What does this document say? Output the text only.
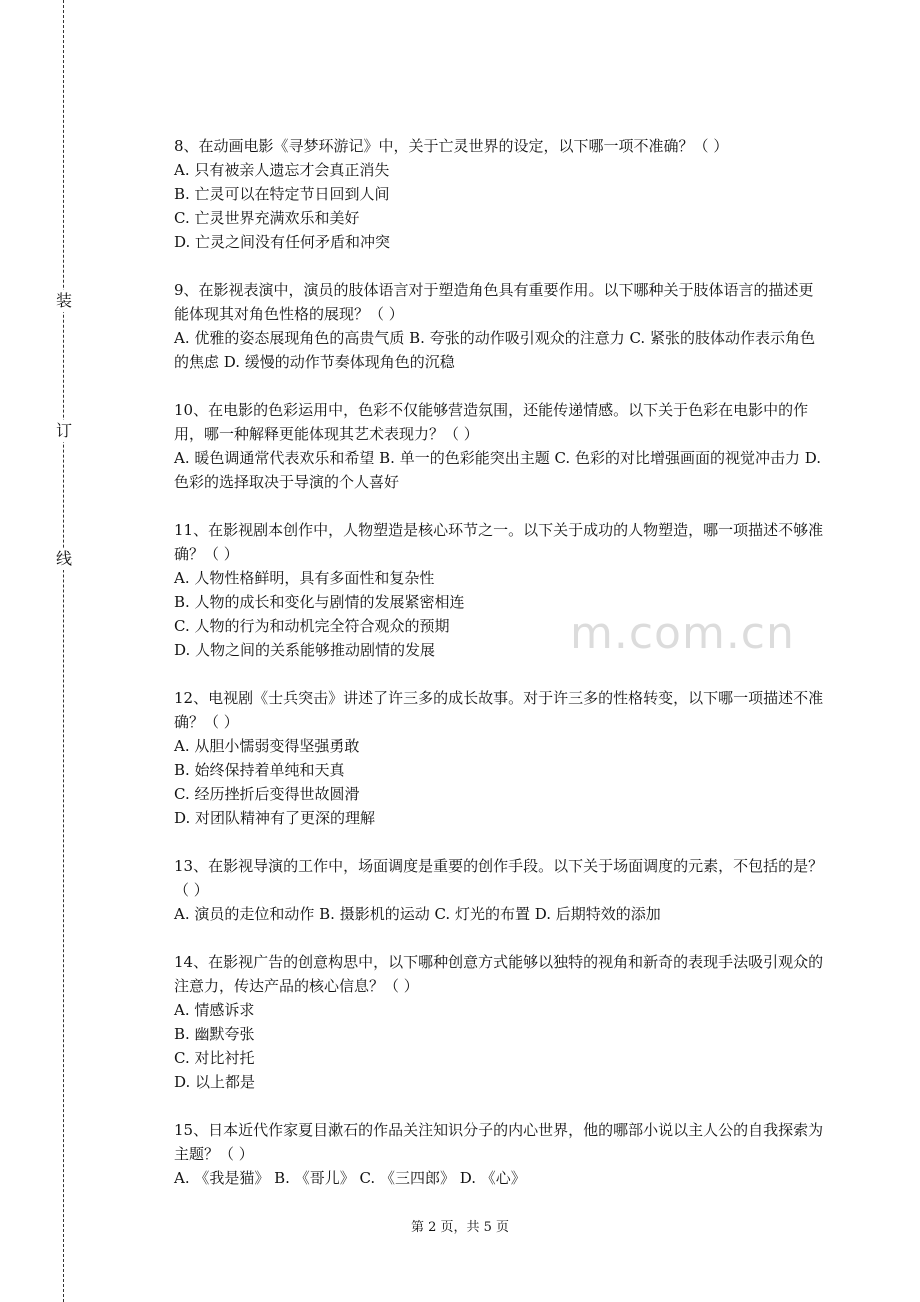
装
订
线
m.com.cn

8、在动画电影《寻梦环游记》中，关于亡灵世界的设定，以下哪一项不准确？（ ）

A. 只有被亲人遗忘才会真正消失

B. 亡灵可以在特定节日回到人间

C. 亡灵世界充满欢乐和美好

D. 亡灵之间没有任何矛盾和冲突

9、在影视表演中，演员的肢体语言对于塑造角色具有重要作用。以下哪种关于肢体语言的描述更能体现其对角色性格的展现？（ ）

A. 优雅的姿态展现角色的高贵气质 B. 夸张的动作吸引观众的注意力 C. 紧张的肢体动作表示角色的焦虑 D. 缓慢的动作节奏体现角色的沉稳

10、在电影的色彩运用中，色彩不仅能够营造氛围，还能传递情感。以下关于色彩在电影中的作用，哪一种解释更能体现其艺术表现力？（ ）

A. 暖色调通常代表欢乐和希望 B. 单一的色彩能突出主题 C. 色彩的对比增强画面的视觉冲击力 D. 色彩的选择取决于导演的个人喜好

11、在影视剧本创作中，人物塑造是核心环节之一。以下关于成功的人物塑造，哪一项描述不够准确？（ ）

A. 人物性格鲜明，具有多面性和复杂性

B. 人物的成长和变化与剧情的发展紧密相连

C. 人物的行为和动机完全符合观众的预期

D. 人物之间的关系能够推动剧情的发展

12、电视剧《士兵突击》讲述了许三多的成长故事。对于许三多的性格转变，以下哪一项描述不准确？（ ）

A. 从胆小懦弱变得坚强勇敢

B. 始终保持着单纯和天真

C. 经历挫折后变得世故圆滑

D. 对团队精神有了更深的理解

13、在影视导演的工作中，场面调度是重要的创作手段。以下关于场面调度的元素，不包括的是？（ ）

A. 演员的走位和动作 B. 摄影机的运动 C. 灯光的布置 D. 后期特效的添加

14、在影视广告的创意构思中，以下哪种创意方式能够以独特的视角和新奇的表现手法吸引观众的注意力，传达产品的核心信息？（ ）

A. 情感诉求

B. 幽默夸张

C. 对比衬托

D. 以上都是

15、日本近代作家夏目漱石的作品关注知识分子的内心世界，他的哪部小说以主人公的自我探索为主题？（ ）

A. 《我是猫》 B. 《哥儿》 C. 《三四郎》 D. 《心》

第 2 页，共 5 页
